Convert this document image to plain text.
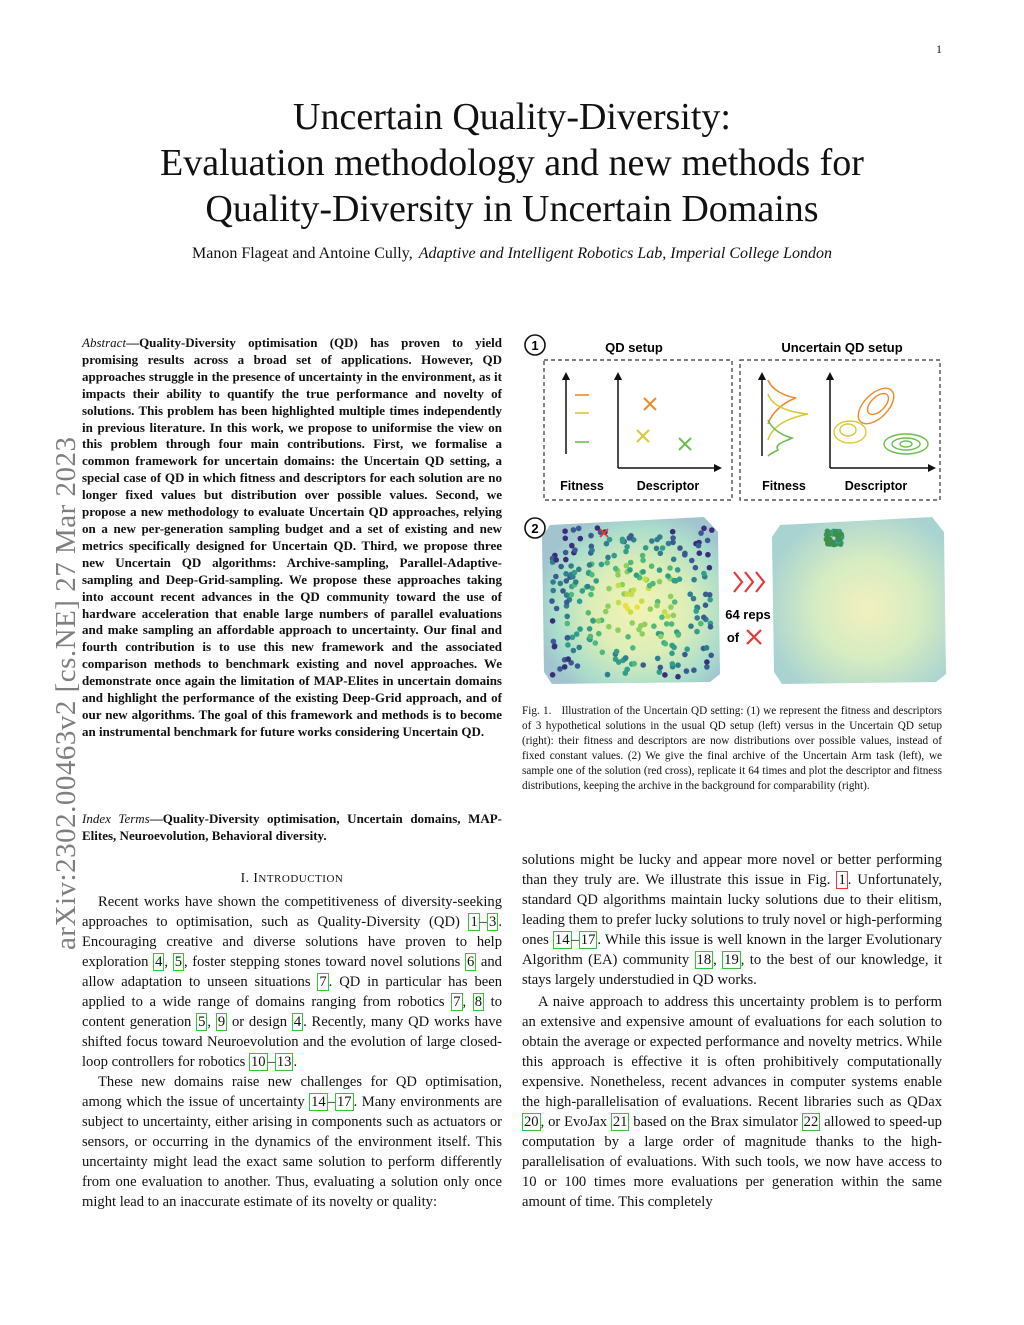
1
Uncertain Quality-Diversity:
Evaluation methodology and new methods for
Quality-Diversity in Uncertain Domains
Manon Flageat and Antoine Cully, Adaptive and Intelligent Robotics Lab, Imperial College London
arXiv:2302.00463v2 [cs.NE] 27 Mar 2023
Abstract—Quality-Diversity optimisation (QD) has proven to yield promising results across a broad set of applications. However, QD approaches struggle in the presence of uncertainty in the environment, as it impacts their ability to quantify the true performance and novelty of solutions. This problem has been highlighted multiple times independently in previous literature. In this work, we propose to uniformise the view on this problem through four main contributions. First, we formalise a common framework for uncertain domains: the Uncertain QD setting, a special case of QD in which fitness and descriptors for each solution are no longer fixed values but distribution over possible values. Second, we propose a new methodology to evaluate Uncertain QD approaches, relying on a new per-generation sampling budget and a set of existing and new metrics specifically designed for Uncertain QD. Third, we propose three new Uncertain QD algorithms: Archive-sampling, Parallel-Adaptive-sampling and Deep-Grid-sampling. We propose these approaches taking into account recent advances in the QD community toward the use of hardware acceleration that enable large numbers of parallel evaluations and make sampling an affordable approach to uncertainty. Our final and fourth contribution is to use this new framework and the associated comparison methods to benchmark existing and novel approaches. We demonstrate once again the limitation of MAP-Elites in uncertain domains and highlight the performance of the existing Deep-Grid approach, and of our new algorithms. The goal of this framework and methods is to become an instrumental benchmark for future works considering Uncertain QD.
Index Terms—Quality-Diversity optimisation, Uncertain domains, MAP-Elites, Neuroevolution, Behavioral diversity.
I. INTRODUCTION

Recent works have shown the competitiveness of diversity-seeking approaches to optimisation, such as Quality-Diversity (QD) 1 – 3 . Encouraging creative and diverse solutions have proven to help exploration 4 , 5 , foster stepping stones toward novel solutions 6 and allow adaptation to unseen situations 7 . QD in particular has been applied to a wide range of domains ranging from robotics 7 , 8 to content generation 5 , 9 or design 4 . Recently, many QD works have shifted focus toward Neuroevolution and the evolution of large closed-loop controllers for robotics 10 – 13 .

These new domains raise new challenges for QD optimisation, among which the issue of uncertainty 14 – 17 . Many environments are subject to uncertainty, either arising in components such as actuators or sensors, or occurring in the dynamics of the environment itself. This uncertainty might lead the exact same solution to perform differently from one evaluation to another. Thus, evaluating a solution only once might lead to an inaccurate estimate of its novelty or quality:

1	QD setup	Uncertain QD setup
Fitness	Descriptor	Fitness	Descriptor
2
64 reps
of
Fig. 1. Illustration of the Uncertain QD setting: (1) we represent the fitness and descriptors of 3 hypothetical solutions in the usual QD setup (left) versus in the Uncertain QD setup (right): their fitness and descriptors are now distributions over possible values, instead of fixed constant values. (2) We give the final archive of the Uncertain Arm task (left), we sample one of the solution (red cross), replicate it 64 times and plot the descriptor and fitness distributions, keeping the archive in the background for comparability (right).

solutions might be lucky and appear more novel or better performing than they truly are. We illustrate this issue in Fig. 1 . Unfortunately, standard QD algorithms maintain lucky solutions due to their elitism, leading them to prefer lucky solutions to truly novel or high-performing ones 14 – 17 . While this issue is well known in the larger Evolutionary Algorithm (EA) community 18 , 19 , to the best of our knowledge, it stays largely understudied in QD works.

A naive approach to address this uncertainty problem is to perform an extensive and expensive amount of evaluations for each solution to obtain the average or expected performance and novelty metrics. While this approach is effective it is often prohibitively computationally expensive. Nonetheless, recent advances in computer systems enable the high-parallelisation of evaluations. Recent libraries such as QDax 20 , or EvoJax 21 based on the Brax simulator 22 allowed to speed-up computation by a large order of magnitude thanks to the high-parallelisation of evaluations. With such tools, we now have access to 10 or 100 times more evaluations per generation within the same amount of time. This completely
